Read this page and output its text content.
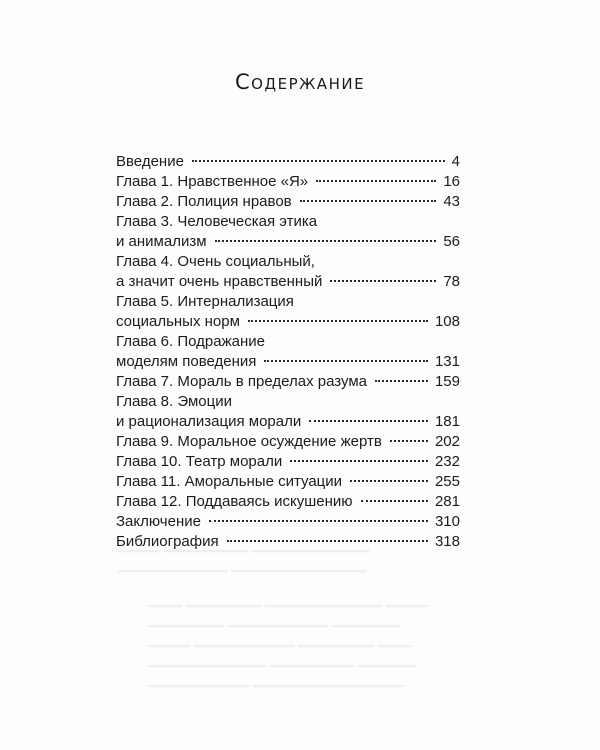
━━━━━ ━━━━━━━━━━ ━━━━━━━━━━━━━━
━━━━━━━━━━━━━ ━━━━━━━━━━━━━━━━
━━━━ ━━━━━━━━━ ━━━━━━━━━━━━━━ ━━━━━
━━━━━━━━━ ━━━━━━━━━━━━ ━━━━━━━━
━━━━━ ━━━━━━━━━━━━ ━━━━━━━━━ ━━━━
━━━━━━━━━━━━━━ ━━━━━━━━━━ ━━━━━━━
━━━━━━━━━━━━ ━━━━━━━━━━━━━━━━━━
Содержание
Введение	4
Глава 1. Нравственное «Я»	16
Глава 2. Полиция нравов	43
Глава 3. Человеческая этика
и анимализм	56
Глава 4. Очень социальный,
а значит очень нравственный	78
Глава 5. Интернализация
социальных норм	108
Глава 6. Подражание
моделям поведения	131
Глава 7. Мораль в пределах разума	159
Глава 8. Эмоции
и рационализация морали	181
Глава 9. Моральное осуждение жертв	202
Глава 10. Театр морали	232
Глава 11. Аморальные ситуации	255
Глава 12. Поддаваясь искушению	281
Заключение	310
Библиография	318
